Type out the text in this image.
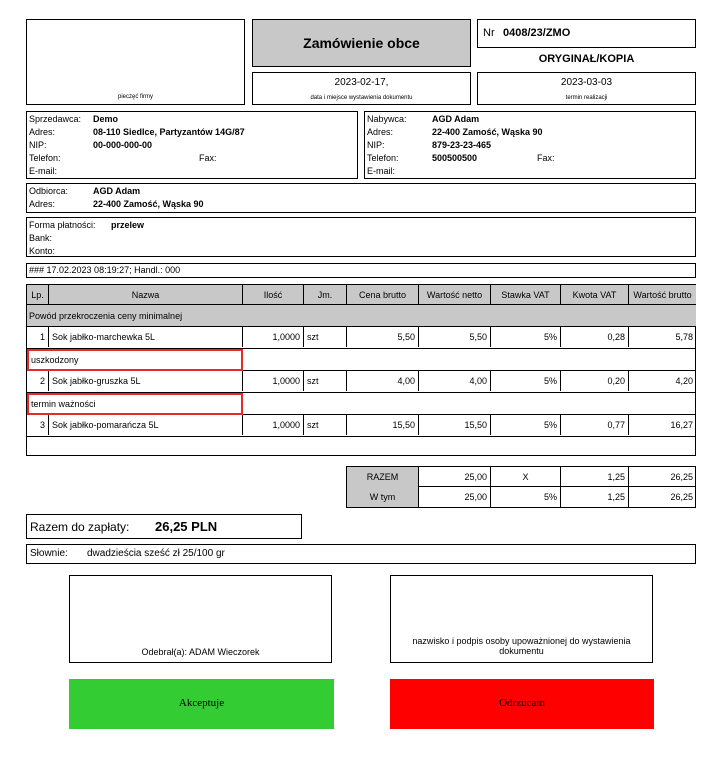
pieczęć firmy
Zamówienie obce
Nr 0408/23/ZMO
ORYGINAŁ/KOPIA
2023-02-17,
data i miejsce wystawienia dokumentu
2023-03-03
termin realizacji
Sprzedawca: Demo
Adres:	08-110 Siedlce, Partyzantów 14G/87
NIP:	00-000-000-00
Telefon:	Fax:
E-mail:
Nabywca:	AGD Adam
Adres:	22-400 Zamość, Wąska 90
NIP:	879-23-23-465
Telefon:	500500500	Fax:
E-mail:
Odbiorca:	AGD Adam
Adres:	22-400 Zamość, Wąska 90
Forma płatności: przelew
Bank:
Konto:
### 17.02.2023 08:19:27; Handl.: 000
Lp.	Nazwa	Ilość	Jm.	Cena brutto	Wartość netto	Stawka VAT	Kwota VAT	Wartość brutto
Powód przekroczenia ceny minimalnej
1 Sok jabłko-marchewka 5L	1,0000 szt	5,50	5,50	5%	0,28	5,78
uszkodzony
2 Sok jabłko-gruszka 5L	1,0000 szt	4,00	4,00	5%	0,20	4,20
termin ważności
3 Sok jabłko-pomarańcza 5L	1,0000 szt	15,50	15,50	5%	0,77	16,27
RAZEM	25,00	X	1,25	26,25
W tym	25,00	5%	1,25	26,25
Razem do zapłaty: 26,25 PLN
Słownie: dwadzieścia sześć zł 25/100 gr
Odebrał(a): ADAM Wieczorek
nazwisko i podpis osoby upoważnionej do wystawienia dokumentu
Akceptuje	Odrzucam
